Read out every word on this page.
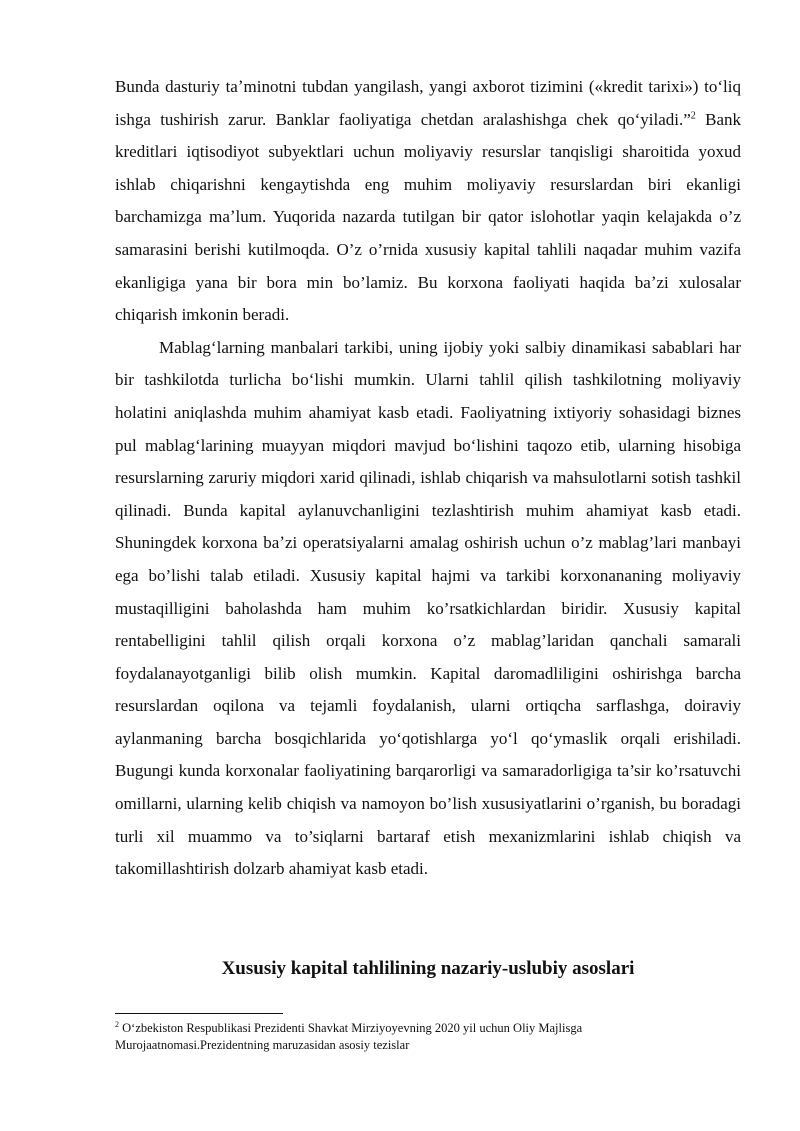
Bunda dasturiy taʼminotni tubdan yangilash, yangi axborot tizimini («kredit tarixi») to‘liq ishga tushirish zarur. Banklar faoliyatiga chetdan aralashishga chek qo‘yiladi.”$^2$ Bank kreditlari iqtisodiyot subyektlari uchun moliyaviy resurslar tanqisligi sharoitida yoxud ishlab chiqarishni kengaytishda eng muhim moliyaviy resurslardan biri ekanligi barchamizga maʼlum. Yuqorida nazarda tutilgan bir qator islohotlar yaqin kelajakda o’z samarasini berishi kutilmoqda. O’z o’rnida xususiy kapital tahlili naqadar muhim vazifa ekanligiga yana bir bora min bo’lamiz. Bu korxona faoliyati haqida baʼzi xulosalar chiqarish imkonin beradi.

Mablag‘larning manbalari tarkibi, uning ijobiy yoki salbiy dinamikasi sabablari har bir tashkilotda turlicha bo‘lishi mumkin. Ularni tahlil qilish tashkilotning moliyaviy holatini aniqlashda muhim ahamiyat kasb etadi. Faoliyatning ixtiyoriy sohasidagi biznes pul mablag‘larining muayyan miqdori mavjud bo‘lishini taqozo etib, ularning hisobiga resurslarning zaruriy miqdori xarid qilinadi, ishlab chiqarish va mahsulotlarni sotish tashkil qilinadi. Bunda kapital aylanuvchanligini tezlashtirish muhim ahamiyat kasb etadi. Shuningdek korxona baʼzi operatsiyalarni amalag oshirish uchun o’z mablag’lari manbayi ega bo’lishi talab etiladi. Xususiy kapital hajmi va tarkibi korxonananing moliyaviy mustaqilligini baholashda ham muhim ko’rsatkichlardan biridir. Xususiy kapital rentabelligini tahlil qilish orqali korxona o’z mablag’laridan qanchali samarali foydalanayotganligi bilib olish mumkin. Kapital daromadliligini oshirishga barcha resurslardan oqilona va tejamli foydalanish, ularni ortiqcha sarflashga, doiraviy aylanmaning barcha bosqichlarida yo‘qotishlarga yo‘l qo‘ymaslik orqali erishiladi. Bugungi kunda korxonalar faoliyatining barqarorligi va samaradorligiga ta’sir ko’rsatuvchi omillarni, ularning kelib chiqish va namoyon bo’lish xususiyatlarini o’rganish, bu boradagi turli xil muammo va to’siqlarni bartaraf etish mexanizmlarini ishlab chiqish va takomillashtirish dolzarb ahamiyat kasb etadi.

Xususiy kapital tahlilining nazariy-uslubiy asoslari
$^2$ O‘zbekiston Respublikasi Prezidenti Shavkat Mirziyoyevning 2020 yil uchun Oliy Majlisga Murojaatnomasi.Prezidentning maruzasidan asosiy tezislar
